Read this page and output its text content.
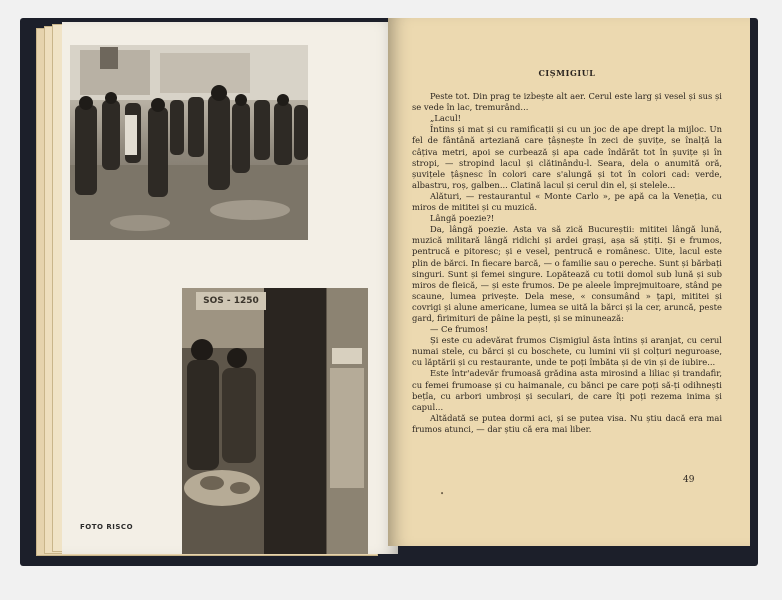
SOS - 1250
FOTO RISCO
CIȘMIGIUL

Peste tot. Din prag te izbește alt aer. Cerul este larg și vesel și sus și se vede în lac, tremurând...

„Lacul!

Întins și mat și cu ramificații și cu un joc de ape drept la mijloc. Un fel de fântână arteziană care țâșnește în zeci de șuvițe, se înalță la câțiva metri, apoi se curbează și apa cade îndărăt tot în șuvițe și în stropi, — stropind lacul și clătinându-l. Seara, dela o anumită oră, șuvițele țâșnesc în colori care s'alungă și tot în colori cad: verde, albastru, roș, galben... Clatină lacul și cerul din el, și stelele...

Alături, — restaurantul « Monte Carlo », pe apă ca la Veneția, cu miros de mititei și cu muzică.

Lângă poezie?!

Da, lângă poezie. Asta va să zică Bucureștii: mititei lângă lună, muzică militară lângă ridichi și ardei grași, așa să știți. Și e frumos, pentrucă e pitoresc; și e vesel, pentrucă e românesc. Uite, lacul este plin de bărci. In fiecare barcă, — o familie sau o pereche. Sunt și bărbați singuri. Sunt și femei singure. Lopătează cu totii domol sub lună și sub miros de fleică, — și este frumos. De pe aleele împrejmuitoare, stând pe scaune, lumea privește. Dela mese, « consumând » țapi, mititei și covrigi și alune americane, lumea se uită la bărci și la cer, aruncă, peste gard, firimituri de pâine la pești, și se minunează:

— Ce frumos!

Și este cu adevărat frumos Cișmigiul ăsta întins și aranjat, cu cerul numai stele, cu bărci și cu boschete, cu lumini vii și colțuri neguroase, cu lăptării și cu restaurante, unde te poți îmbăta și de vin și de iubire...

Este într'adevăr frumoasă grădina asta mirosind a liliac și trandafir, cu femei frumoase și cu haimanale, cu bănci pe care poți să-ți odihnești bețîa, cu arbori umbroși și seculari, de care îți poți rezema inima și capul...

Altădată se putea dormi aci, și se putea visa. Nu știu dacă era mai frumos atunci, — dar știu că era mai liber.

•
49
